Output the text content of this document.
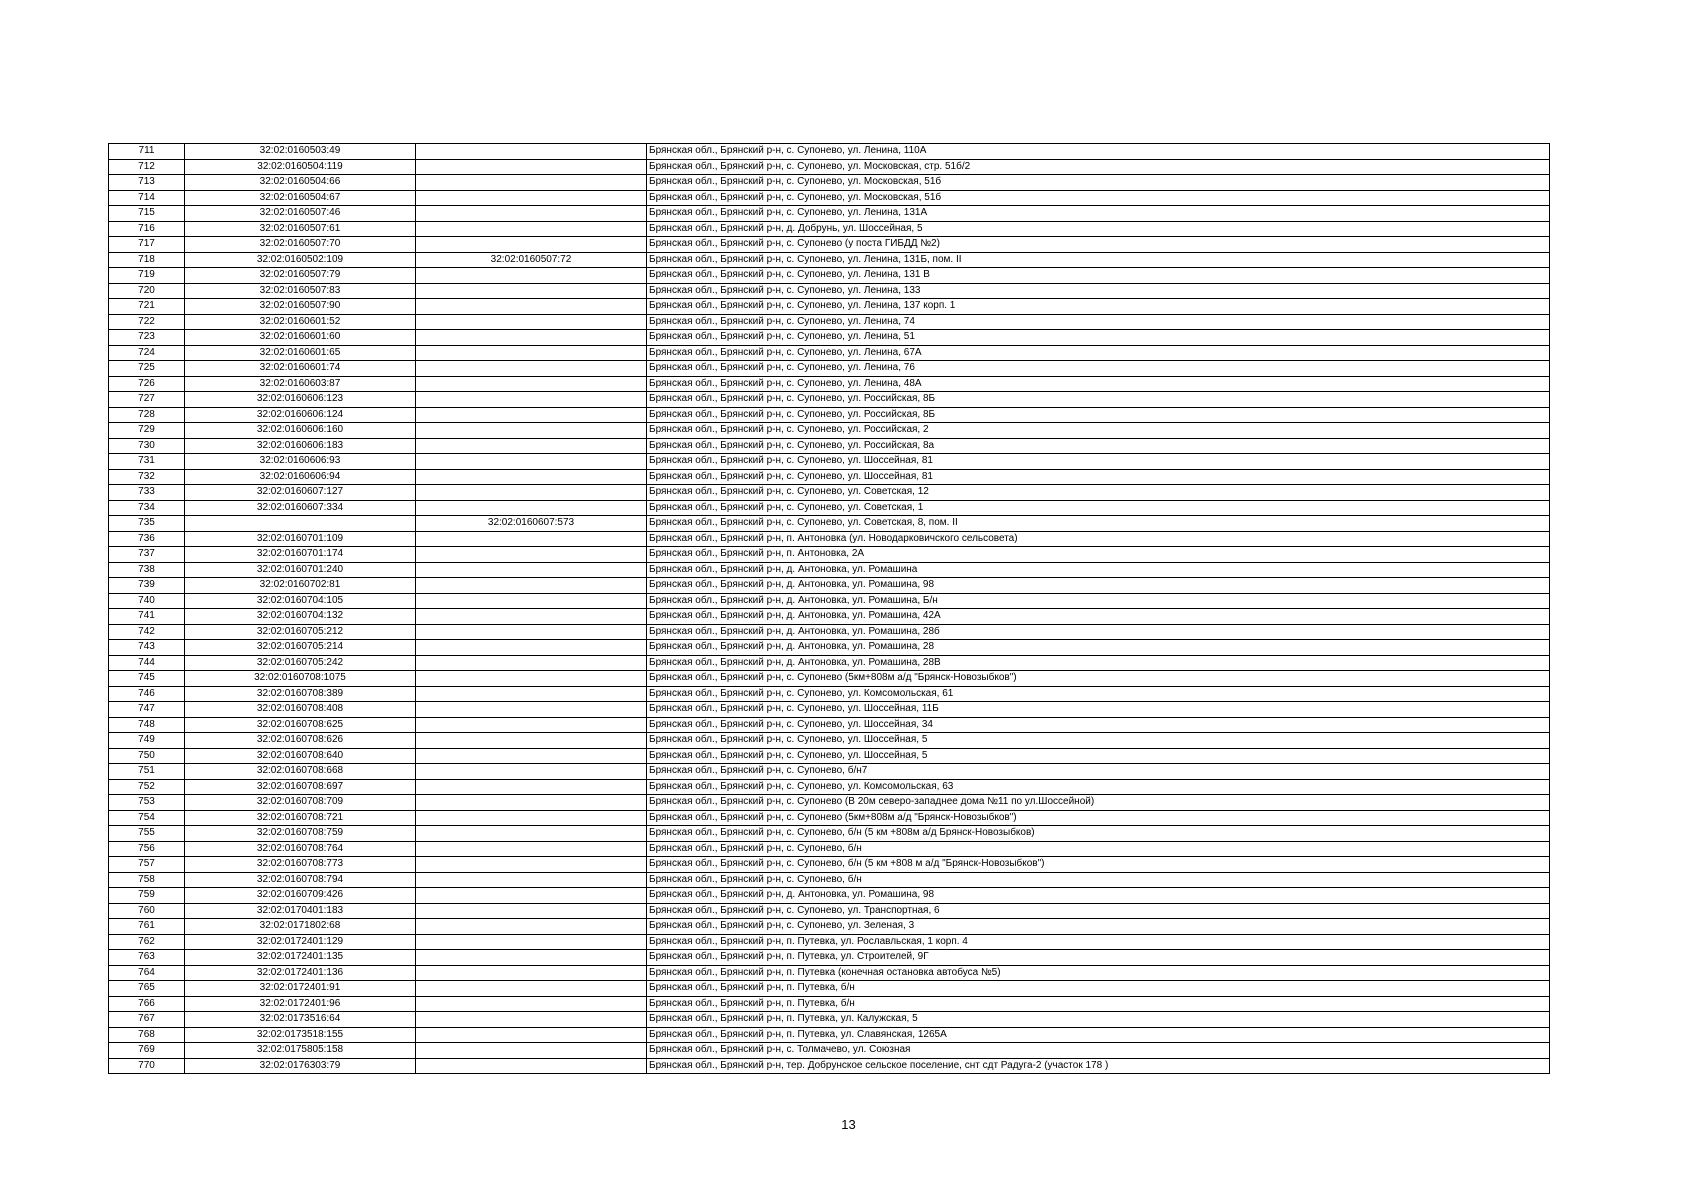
711	32:02:0160503:49		Брянская обл., Брянский р-н, с. Супонево, ул. Ленина, 110А
712	32:02:0160504:119		Брянская обл., Брянский р-н, с. Супонево, ул. Московская, стр. 51б/2
713	32:02:0160504:66		Брянская обл., Брянский р-н, с. Супонево, ул. Московская, 51б
714	32:02:0160504:67		Брянская обл., Брянский р-н, с. Супонево, ул. Московская, 51б
715	32:02:0160507:46		Брянская обл., Брянский р-н, с. Супонево, ул. Ленина, 131А
716	32:02:0160507:61		Брянская обл., Брянский р-н, д. Добрунь, ул. Шоссейная, 5
717	32:02:0160507:70		Брянская обл., Брянский р-н, с. Супонево (у поста ГИБДД №2)
718	32:02:0160502:109	32:02:0160507:72	Брянская обл., Брянский р-н, с. Супонево, ул. Ленина, 131Б, пом. II
719	32:02:0160507:79		Брянская обл., Брянский р-н, с. Супонево, ул. Ленина, 131 В
720	32:02:0160507:83		Брянская обл., Брянский р-н, с. Супонево, ул. Ленина, 133
721	32:02:0160507:90		Брянская обл., Брянский р-н, с. Супонево, ул. Ленина, 137 корп. 1
722	32:02:0160601:52		Брянская обл., Брянский р-н, с. Супонево, ул. Ленина, 74
723	32:02:0160601:60		Брянская обл., Брянский р-н, с. Супонево, ул. Ленина, 51
724	32:02:0160601:65		Брянская обл., Брянский р-н, с. Супонево, ул. Ленина, 67А
725	32:02:0160601:74		Брянская обл., Брянский р-н, с. Супонево, ул. Ленина, 76
726	32:02:0160603:87		Брянская обл., Брянский р-н, с. Супонево, ул. Ленина, 48А
727	32:02:0160606:123		Брянская обл., Брянский р-н, с. Супонево, ул. Российская, 8Б
728	32:02:0160606:124		Брянская обл., Брянский р-н, с. Супонево, ул. Российская, 8Б
729	32:02:0160606:160		Брянская обл., Брянский р-н, с. Супонево, ул. Российская, 2
730	32:02:0160606:183		Брянская обл., Брянский р-н, с. Супонево, ул. Российская, 8а
731	32:02:0160606:93		Брянская обл., Брянский р-н, с. Супонево, ул. Шоссейная, 81
732	32:02:0160606:94		Брянская обл., Брянский р-н, с. Супонево, ул. Шоссейная, 81
733	32:02:0160607:127		Брянская обл., Брянский р-н, с. Супонево, ул. Советская, 12
734	32:02:0160607:334		Брянская обл., Брянский р-н, с. Супонево, ул. Советская, 1
735		32:02:0160607:573	Брянская обл., Брянский р-н, с. Супонево, ул. Советская, 8, пом. II
736	32:02:0160701:109		Брянская обл., Брянский р-н, п. Антоновка (ул. Новодарковичского сельсовета)
737	32:02:0160701:174		Брянская обл., Брянский р-н, п. Антоновка, 2А
738	32:02:0160701:240		Брянская обл., Брянский р-н, д. Антоновка, ул. Ромашина
739	32:02:0160702:81		Брянская обл., Брянский р-н, д. Антоновка, ул. Ромашина, 98
740	32:02:0160704:105		Брянская обл., Брянский р-н, д. Антоновка, ул. Ромашина, Б/н
741	32:02:0160704:132		Брянская обл., Брянский р-н, д. Антоновка, ул. Ромашина, 42А
742	32:02:0160705:212		Брянская обл., Брянский р-н, д. Антоновка, ул. Ромашина, 28б
743	32:02:0160705:214		Брянская обл., Брянский р-н, д. Антоновка, ул. Ромашина, 28
744	32:02:0160705:242		Брянская обл., Брянский р-н, д. Антоновка, ул. Ромашина, 28В
745	32:02:0160708:1075		Брянская обл., Брянский р-н, с. Супонево (5км+808м а/д "Брянск-Новозыбков")
746	32:02:0160708:389		Брянская обл., Брянский р-н, с. Супонево, ул. Комсомольская, 61
747	32:02:0160708:408		Брянская обл., Брянский р-н, с. Супонево, ул. Шоссейная, 11Б
748	32:02:0160708:625		Брянская обл., Брянский р-н, с. Супонево, ул. Шоссейная, 34
749	32:02:0160708:626		Брянская обл., Брянский р-н, с. Супонево, ул. Шоссейная, 5
750	32:02:0160708:640		Брянская обл., Брянский р-н, с. Супонево, ул. Шоссейная, 5
751	32:02:0160708:668		Брянская обл., Брянский р-н, с. Супонево, б/н7
752	32:02:0160708:697		Брянская обл., Брянский р-н, с. Супонево, ул. Комсомольская, 63
753	32:02:0160708:709		Брянская обл., Брянский р-н, с. Супонево (В 20м северо-западнее дома №11 по ул.Шоссейной)
754	32:02:0160708:721		Брянская обл., Брянский р-н, с. Супонево (5км+808м а/д "Брянск-Новозыбков")
755	32:02:0160708:759		Брянская обл., Брянский р-н, с. Супонево, б/н (5 км +808м а/д Брянск-Новозыбков)
756	32:02:0160708:764		Брянская обл., Брянский р-н, с. Супонево, б/н
757	32:02:0160708:773		Брянская обл., Брянский р-н, с. Супонево, б/н (5 км +808 м а/д "Брянск-Новозыбков")
758	32:02:0160708:794		Брянская обл., Брянский р-н, с. Супонево, б/н
759	32:02:0160709:426		Брянская обл., Брянский р-н, д. Антоновка, ул. Ромашина, 98
760	32:02:0170401:183		Брянская обл., Брянский р-н, с. Супонево, ул. Транспортная, 6
761	32:02:0171802:68		Брянская обл., Брянский р-н, с. Супонево, ул. Зеленая, 3
762	32:02:0172401:129		Брянская обл., Брянский р-н, п. Путевка, ул. Рославльская, 1 корп. 4
763	32:02:0172401:135		Брянская обл., Брянский р-н, п. Путевка, ул. Строителей, 9Г
764	32:02:0172401:136		Брянская обл., Брянский р-н, п. Путевка (конечная остановка автобуса №5)
765	32:02:0172401:91		Брянская обл., Брянский р-н, п. Путевка, б/н
766	32:02:0172401:96		Брянская обл., Брянский р-н, п. Путевка, б/н
767	32:02:0173516:64		Брянская обл., Брянский р-н, п. Путевка, ул. Калужская, 5
768	32:02:0173518:155		Брянская обл., Брянский р-н, п. Путевка, ул. Славянская, 1265А
769	32:02:0175805:158		Брянская обл., Брянский р-н, с. Толмачево, ул. Союзная
770	32:02:0176303:79		Брянская обл., Брянский р-н, тер. Добрунское сельское поселение, снт сдт Радуга-2 (участок 178 )
13
